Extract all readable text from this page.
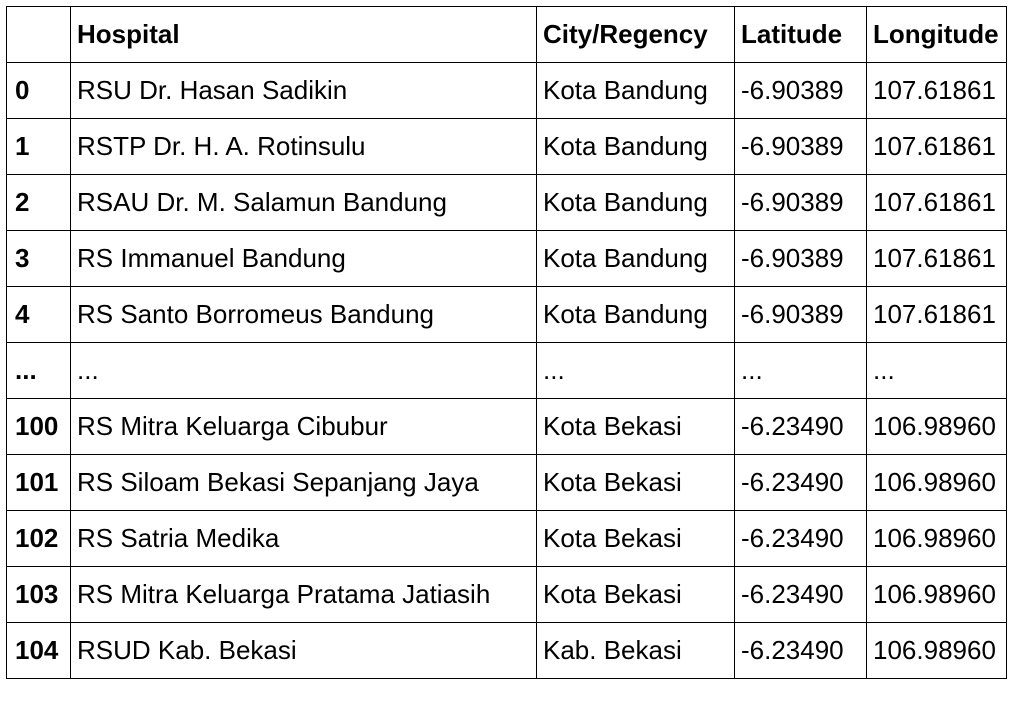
	Hospital	City/Regency	Latitude	Longitude
0	RSU Dr. Hasan Sadikin	Kota Bandung	-6.90389	107.61861
1	RSTP Dr. H. A. Rotinsulu	Kota Bandung	-6.90389	107.61861
2	RSAU Dr. M. Salamun Bandung	Kota Bandung	-6.90389	107.61861
3	RS Immanuel Bandung	Kota Bandung	-6.90389	107.61861
4	RS Santo Borromeus Bandung	Kota Bandung	-6.90389	107.61861
...	...	...	...	...
100	RS Mitra Keluarga Cibubur	Kota Bekasi	-6.23490	106.98960
101	RS Siloam Bekasi Sepanjang Jaya	Kota Bekasi	-6.23490	106.98960
102	RS Satria Medika	Kota Bekasi	-6.23490	106.98960
103	RS Mitra Keluarga Pratama Jatiasih	Kota Bekasi	-6.23490	106.98960
104	RSUD Kab. Bekasi	Kab. Bekasi	-6.23490	106.98960
